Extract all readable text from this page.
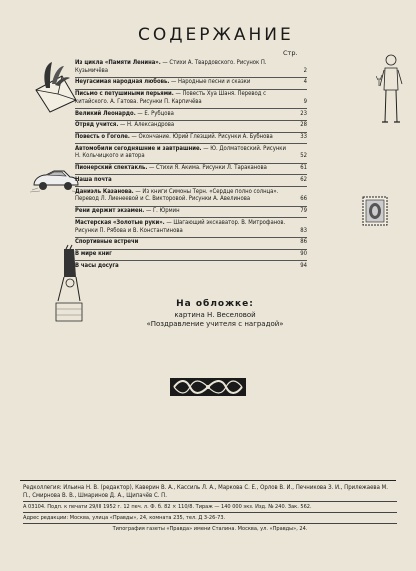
СОДЕРЖАНИЕ
Стр.
Из цикла «Памяти Ленина». — Стихи А. Твардовского. Рисунок П. Кузьмичёва	2
Неугасимая народная любовь. — Народные песни и сказки	4
Письмо с петушиными перьями. — Повесть Хуа Шаня. Перевод с китайского. А. Гатова. Рисунки П. Карпичёва	9
Великий Леонардо. — Е. Рубцова	23
Отряд учится. — Н. Александрова	28
Повесть о Гоголе. — Окончание. Юрий Глезщий. Рисунки А. Бубнова	33
Автомобили сегодняшние и завтрашние. — Ю. Долматовский. Рисунки Н. Кольчицкого и автора	52
Пионерский спектакль. — Стихи Я. Акима. Рисунки Л. Тараканова	61
Наша почта	62
Даниэль Казанова. — Из книги Симоны Терн. «Сердце полно солнца». Перевод Л. Лиенеевой и С. Викторовой. Рисунки А. Авелинова	66
Рени держит экзамен. — Г. Юрмин	79
Мастерская «Золотые руки». — Шагающий экскаватор. В. Митрофанов. Рисунки П. Рябова и В. Константинова	83
Спортивные встречи	86
В мире книг	90
В часы досуга	94
На обложке:
картина Н. Веселовой
«Поздравление учителя с наградой»
Редколлегия: Ильина Н. В. (редактор), Каверин В. А., Кассиль Л. А., Маркова С. Е., Орлов В. И., Печникова З. И., Прилежаева М. П., Смирнова В. В., Шмаринов Д. А., Щипачёв С. П.
А 03104. Подп. к печати 29/III 1952 г. 12 печ. л. Ф. б. 82 × 110/8. Тираж — 140 000 экз. Изд. № 240. Зак. 562.
Адрес редакции: Москва, улица «Правды», 24, комната 235, тел. Д 3-26-73.
Типография газеты «Правда» имени Сталина. Москва, ул. «Правды», 24.
